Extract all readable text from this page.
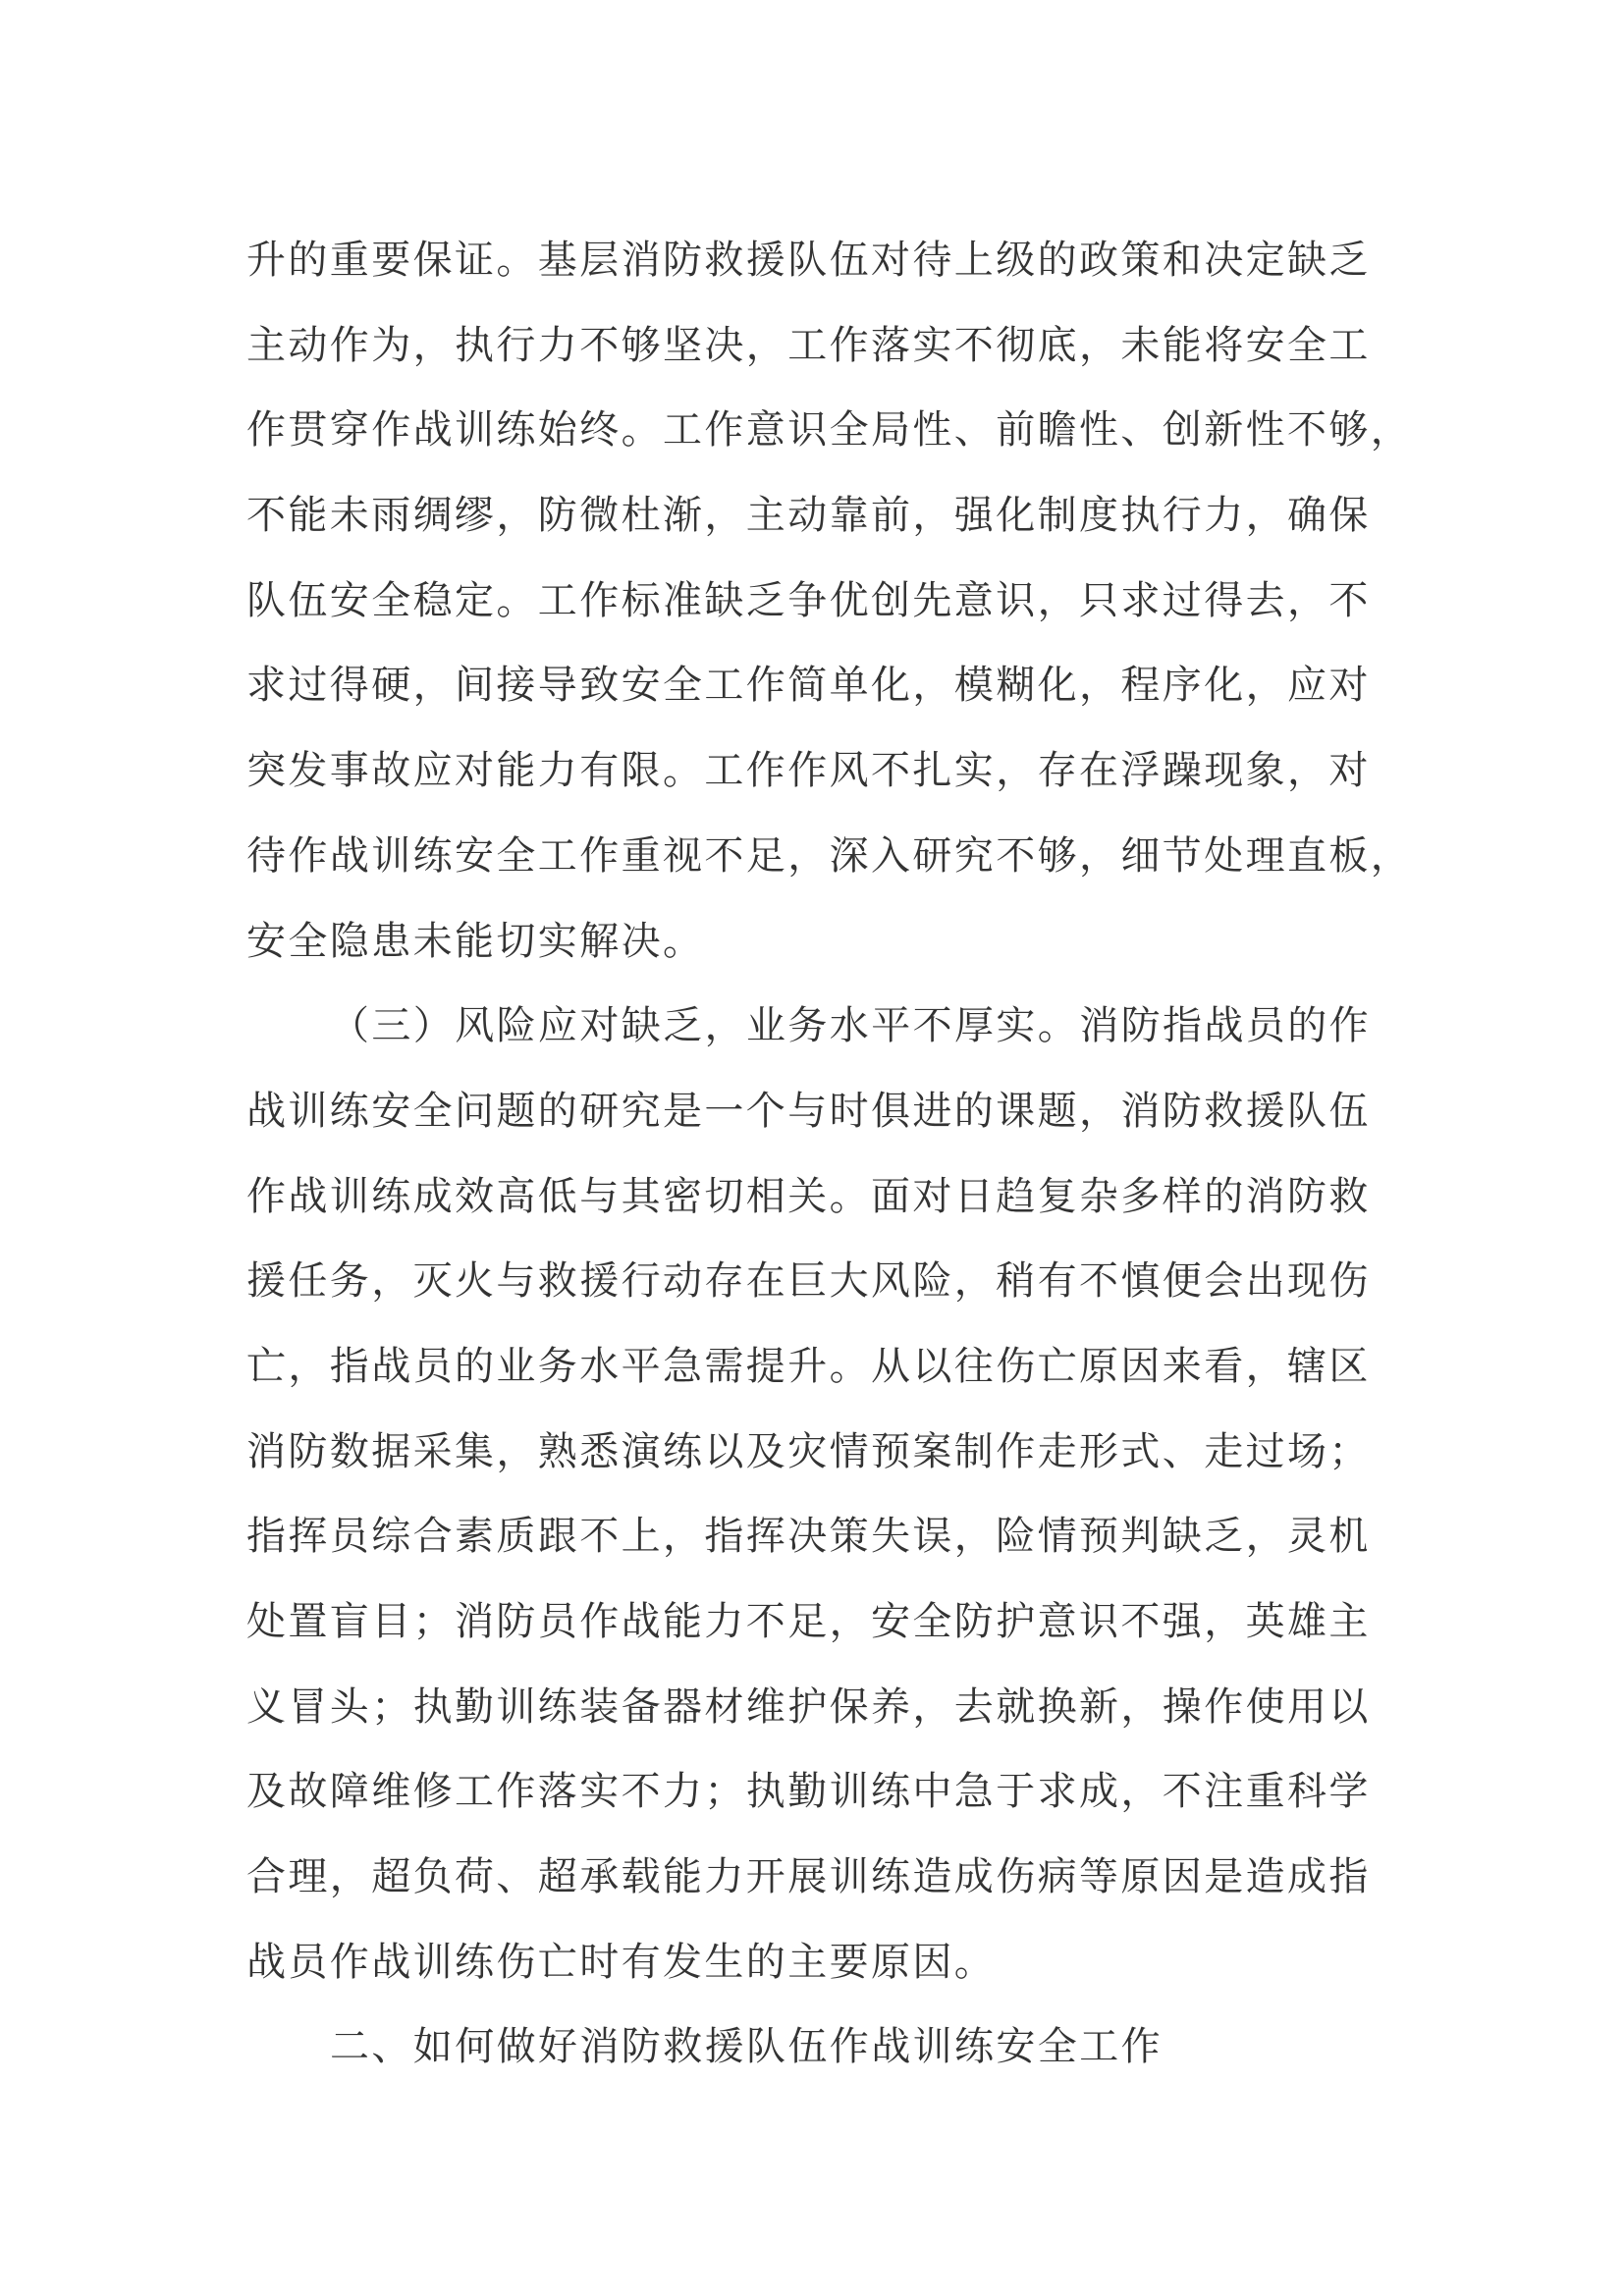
升的重要保证。基层消防救援队伍对待上级的政策和决定缺乏
主动作为，执行力不够坚决，工作落实不彻底，未能将安全工
作贯穿作战训练始终。工作意识全局性、前瞻性、创新性不够，
不能未雨绸缪，防微杜渐，主动靠前，强化制度执行力，确保
队伍安全稳定。工作标准缺乏争优创先意识，只求过得去，不
求过得硬，间接导致安全工作简单化，模糊化，程序化，应对
突发事故应对能力有限。工作作风不扎实，存在浮躁现象，对
待作战训练安全工作重视不足，深入研究不够，细节处理直板，
安全隐患未能切实解决。
（三）风险应对缺乏，业务水平不厚实。消防指战员的作
战训练安全问题的研究是一个与时俱进的课题，消防救援队伍
作战训练成效高低与其密切相关。面对日趋复杂多样的消防救
援任务，灭火与救援行动存在巨大风险，稍有不慎便会出现伤
亡，指战员的业务水平急需提升。从以往伤亡原因来看，辖区
消防数据采集，熟悉演练以及灾情预案制作走形式、走过场；
指挥员综合素质跟不上，指挥决策失误，险情预判缺乏，灵机
处置盲目；消防员作战能力不足，安全防护意识不强，英雄主
义冒头；执勤训练装备器材维护保养，去就换新，操作使用以
及故障维修工作落实不力；执勤训练中急于求成，不注重科学
合理，超负荷、超承载能力开展训练造成伤病等原因是造成指
战员作战训练伤亡时有发生的主要原因。
二、如何做好消防救援队伍作战训练安全工作
